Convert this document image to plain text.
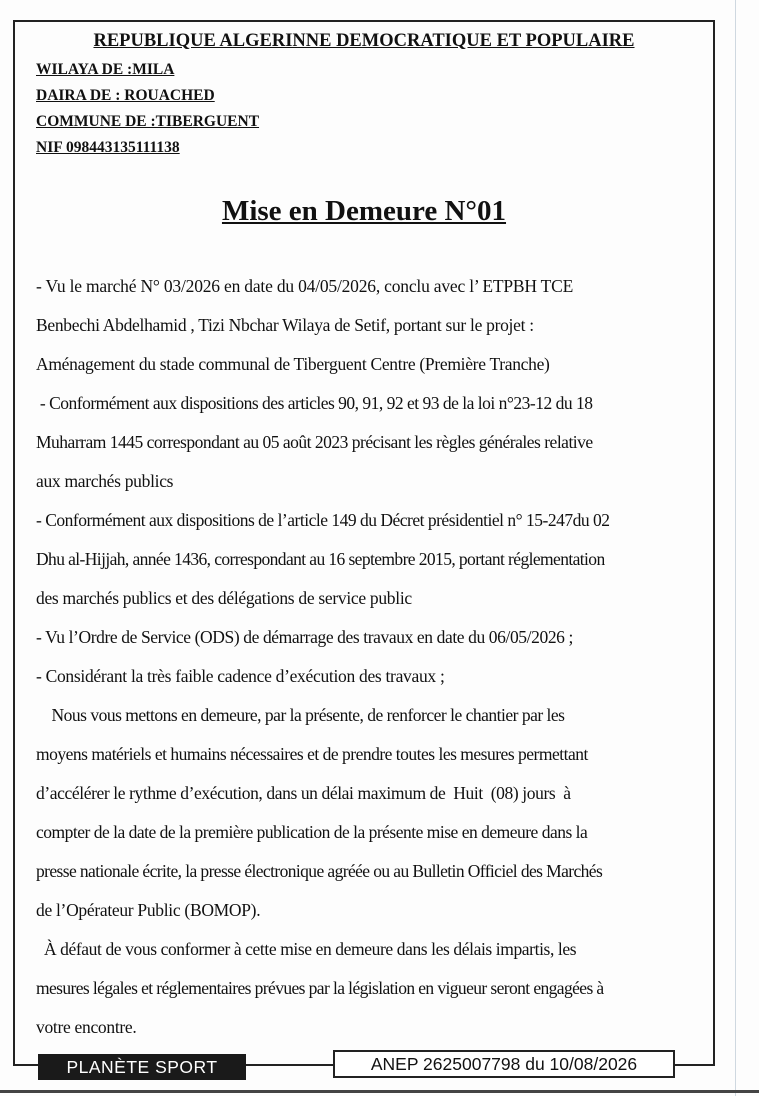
REPUBLIQUE ALGERINNE DEMOCRATIQUE ET POPULAIRE
WILAYA DE :MILA
DAIRA DE : ROUACHED
COMMUNE DE :TIBERGUENT
NIF 098443135111138
Mise en Demeure N°01
- Vu le marché N° 03/2026 en date du 04/05/2026, conclu avec l’ ETPBH TCE
Benbechi Abdelhamid , Tizi Nbchar Wilaya de Setif, portant sur le projet :
Aménagement du stade communal de Tiberguent Centre (Première Tranche)
- Conformément aux dispositions des articles 90, 91, 92 et 93 de la loi n°23-12 du 18
Muharram 1445 correspondant au 05 août 2023 précisant les règles générales relative
aux marchés publics
- Conformément aux dispositions de l’article 149 du Décret présidentiel n° 15-247du 02
Dhu al-Hijjah, année 1436, correspondant au 16 septembre 2015, portant réglementation
des marchés publics et des délégations de service public
- Vu l’Ordre de Service (ODS) de démarrage des travaux en date du 06/05/2026 ;
- Considérant la très faible cadence d’exécution des travaux ;
Nous vous mettons en demeure, par la présente, de renforcer le chantier par les
moyens matériels et humains nécessaires et de prendre toutes les mesures permettant
d’accélérer le rythme d’exécution, dans un délai maximum de  Huit  (08) jours  à
compter de la date de la première publication de la présente mise en demeure dans la
presse nationale écrite, la presse électronique agréée ou au Bulletin Officiel des Marchés
de l’Opérateur Public (BOMOP).
À défaut de vous conformer à cette mise en demeure dans les délais impartis, les
mesures légales et réglementaires prévues par la législation en vigueur seront engagées à
votre encontre.
PLANÈTE SPORT	ANEP 2625007798 du 10/08/2026
